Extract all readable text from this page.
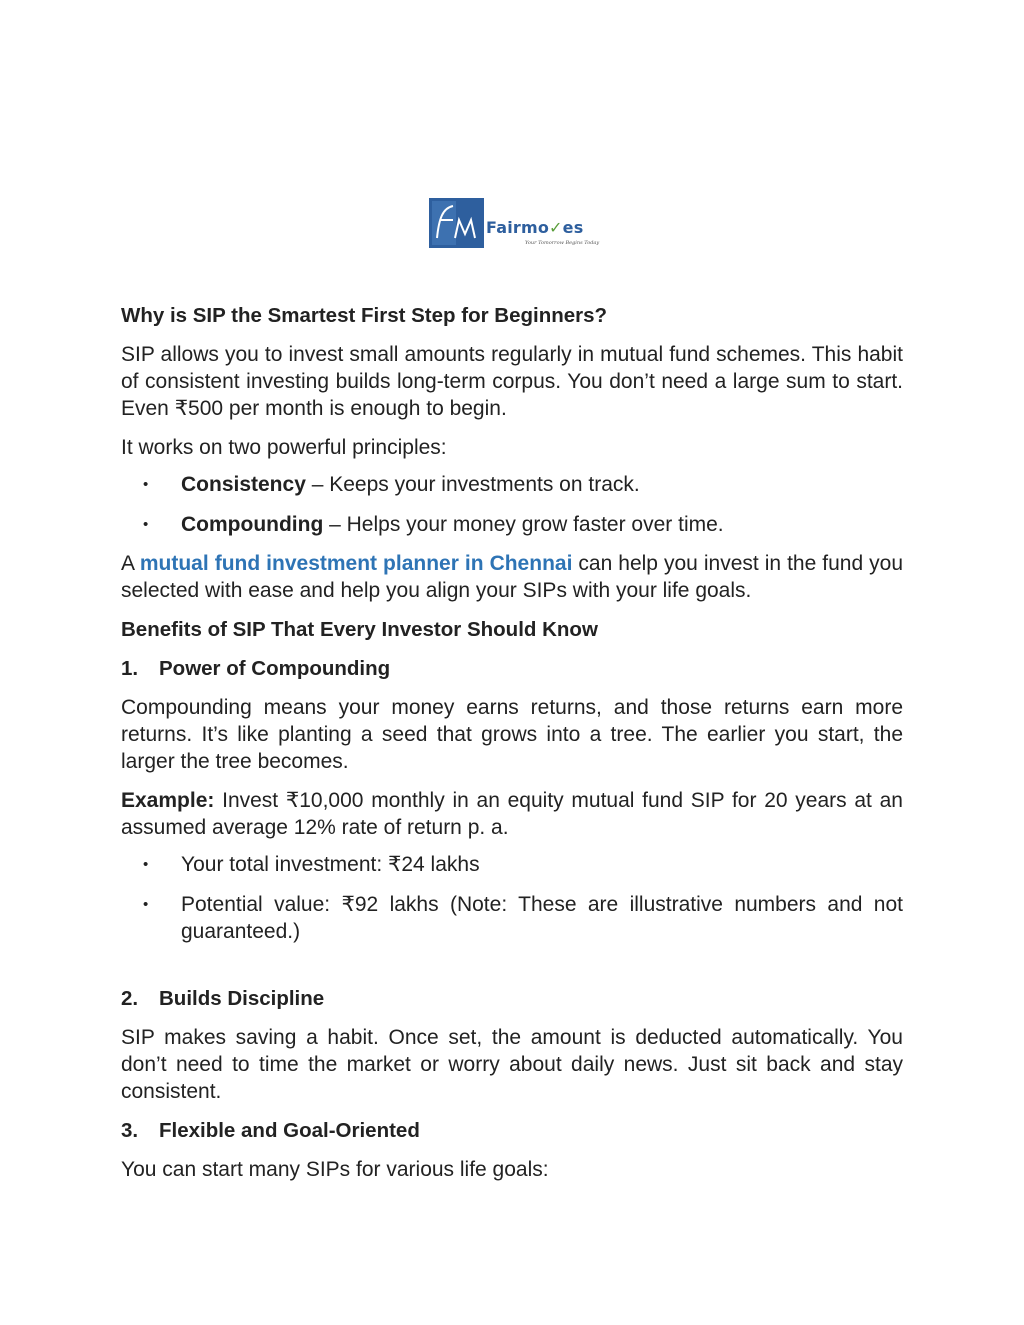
Fairmo✓es
Your Tomorrow Begins Today

Why is SIP the Smartest First Step for Beginners?

SIP allows you to invest small amounts regularly in mutual fund schemes. This habit of consistent investing builds long-term corpus. You don’t need a large sum to start. Even ₹500 per month is enough to begin.

It works on two powerful principles:

• Consistency – Keeps your investments on track.
• Compounding – Helps your money grow faster over time.

A mutual fund investment planner in Chennai can help you invest in the fund you selected with ease and help you align your SIPs with your life goals.

Benefits of SIP That Every Investor Should Know

1. Power of Compounding

Compounding means your money earns returns, and those returns earn more returns. It’s like planting a seed that grows into a tree. The earlier you start, the larger the tree becomes.

Example: Invest ₹10,000 monthly in an equity mutual fund SIP for 20 years at an assumed average 12% rate of return p. a.

• Your total investment: ₹24 lakhs
• Potential value: ₹92 lakhs (Note: These are illustrative numbers and not guaranteed.)

2. Builds Discipline

SIP makes saving a habit. Once set, the amount is deducted automatically. You don’t need to time the market or worry about daily news. Just sit back and stay consistent.

3. Flexible and Goal-Oriented

You can start many SIPs for various life goals:
